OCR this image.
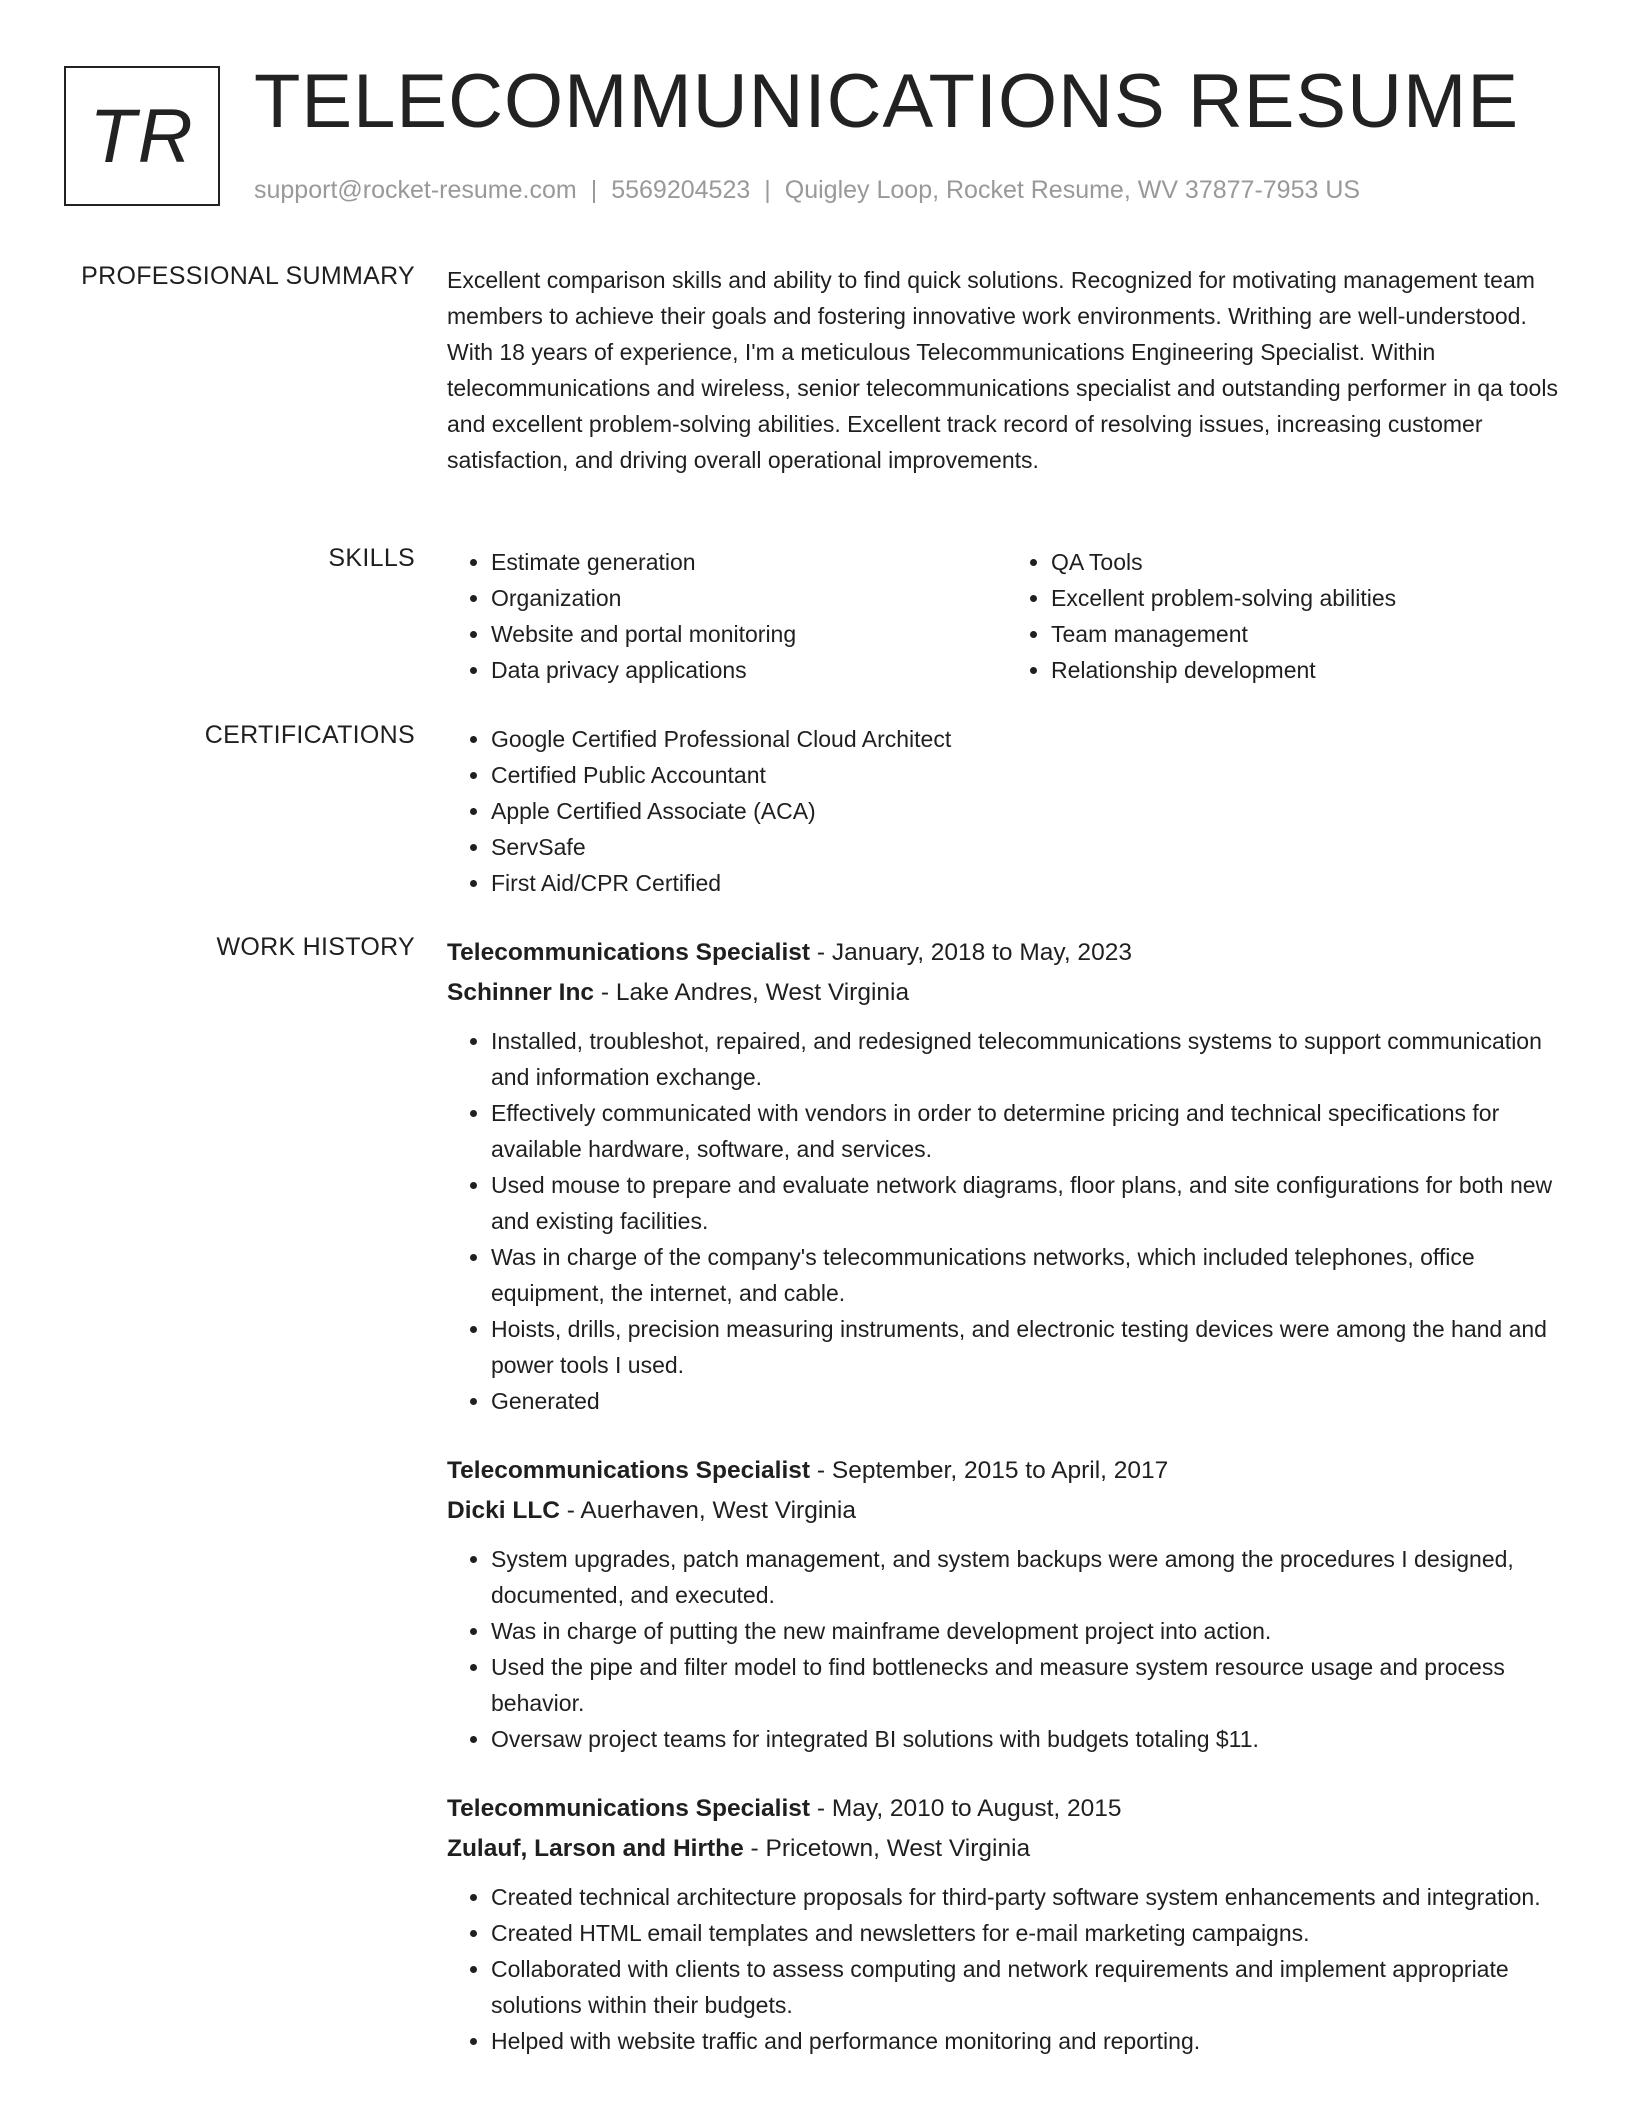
TR TELECOMMUNICATIONS RESUME
support@rocket-resume.com | 5569204523 | Quigley Loop, Rocket Resume, WV 37877-7953 US
PROFESSIONAL SUMMARY Excellent comparison skills and ability to find quick solutions. Recognized for motivating management team members to achieve their goals and fostering innovative work environments. Writhing are well-understood. With 18 years of experience, I'm a meticulous Telecommunications Engineering Specialist. Within telecommunications and wireless, senior telecommunications specialist and outstanding performer in qa tools and excellent problem-solving abilities. Excellent track record of resolving issues, increasing customer satisfaction, and driving overall operational improvements.

SKILLS	• Estimate generation
• Organization
• Website and portal monitoring
• Data privacy applications
• QA Tools
• Excellent problem-solving abilities
• Team management
• Relationship development
CERTIFICATIONS	• Google Certified Professional Cloud Architect
• Certified Public Accountant
• Apple Certified Associate (ACA)
• ServSafe
• First Aid/CPR Certified
WORK HISTORY Telecommunications Specialist - January, 2018 to May, 2023
Schinner Inc - Lake Andres, West Virginia
• Installed, troubleshot, repaired, and redesigned telecommunications systems to support communication and information exchange.
• Effectively communicated with vendors in order to determine pricing and technical specifications for available hardware, software, and services.
• Used mouse to prepare and evaluate network diagrams, floor plans, and site configurations for both new and existing facilities.
• Was in charge of the company's telecommunications networks, which included telephones, office equipment, the internet, and cable.
• Hoists, drills, precision measuring instruments, and electronic testing devices were among the hand and power tools I used.
• Generated
Telecommunications Specialist - September, 2015 to April, 2017
Dicki LLC - Auerhaven, West Virginia
• System upgrades, patch management, and system backups were among the procedures I designed, documented, and executed.
• Was in charge of putting the new mainframe development project into action.
• Used the pipe and filter model to find bottlenecks and measure system resource usage and process behavior.
• Oversaw project teams for integrated BI solutions with budgets totaling $11.
Telecommunications Specialist - May, 2010 to August, 2015
Zulauf, Larson and Hirthe - Pricetown, West Virginia
• Created technical architecture proposals for third-party software system enhancements and integration.
• Created HTML email templates and newsletters for e-mail marketing campaigns.
• Collaborated with clients to assess computing and network requirements and implement appropriate solutions within their budgets.
• Helped with website traffic and performance monitoring and reporting.
